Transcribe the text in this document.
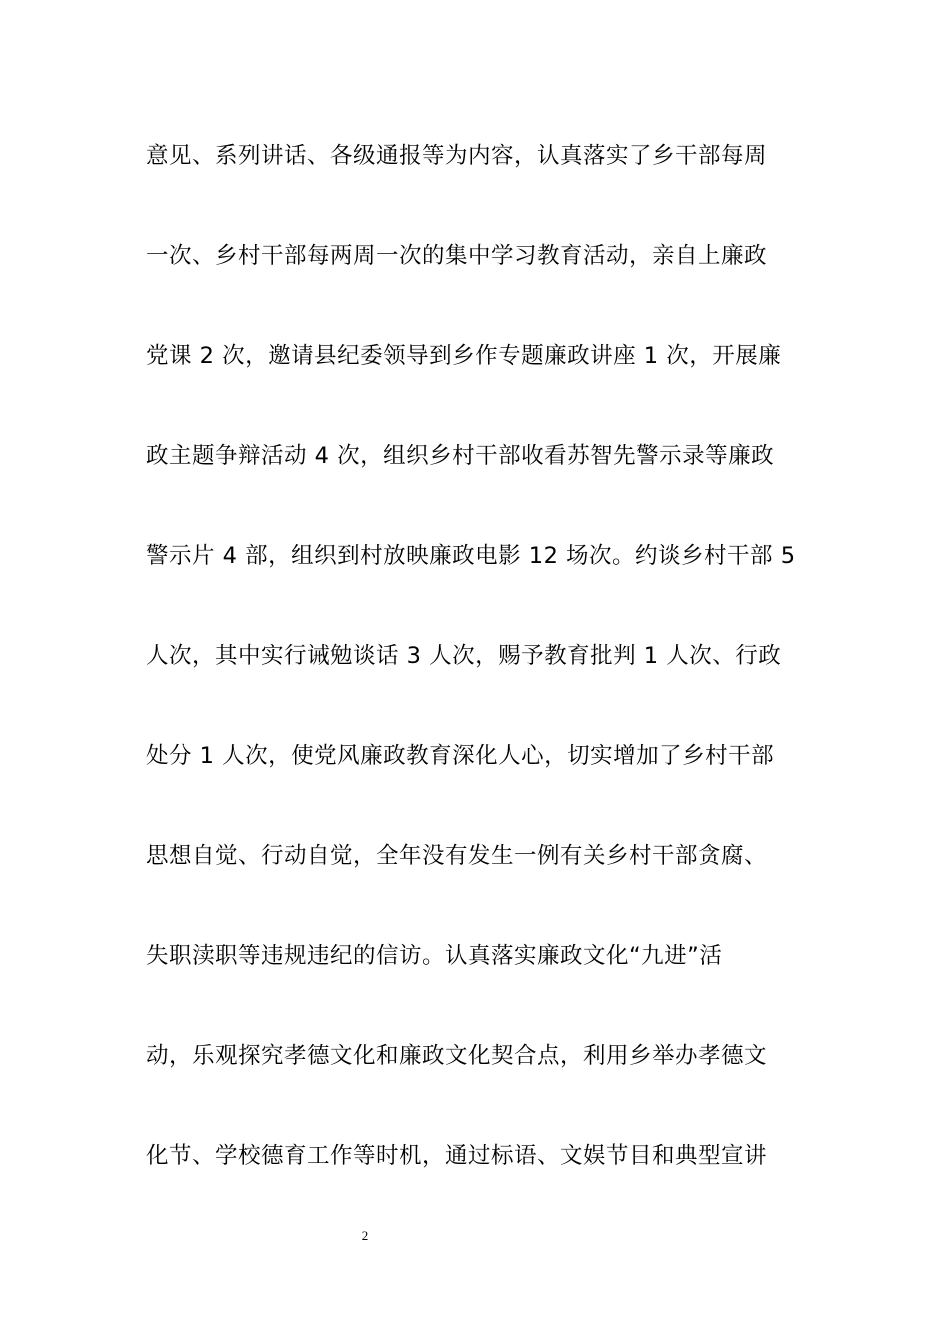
意见、系列讲话、各级通报等为内容，认真落实了乡干部每周
一次、乡村干部每两周一次的集中学习教育活动，亲自上廉政
党课 2 次，邀请县纪委领导到乡作专题廉政讲座 1 次，开展廉
政主题争辩活动 4 次，组织乡村干部收看苏智先警示录等廉政
警示片 4 部，组织到村放映廉政电影 12 场次。约谈乡村干部 5
人次，其中实行诫勉谈话 3 人次，赐予教育批判 1 人次、行政
处分 1 人次，使党风廉政教育深化人心，切实增加了乡村干部
思想自觉、行动自觉，全年没有发生一例有关乡村干部贪腐、
失职渎职等违规违纪的信访。认真落实廉政文化“九进”活
动，乐观探究孝德文化和廉政文化契合点，利用乡举办孝德文
化节、学校德育工作等时机，通过标语、文娱节目和典型宣讲
2
